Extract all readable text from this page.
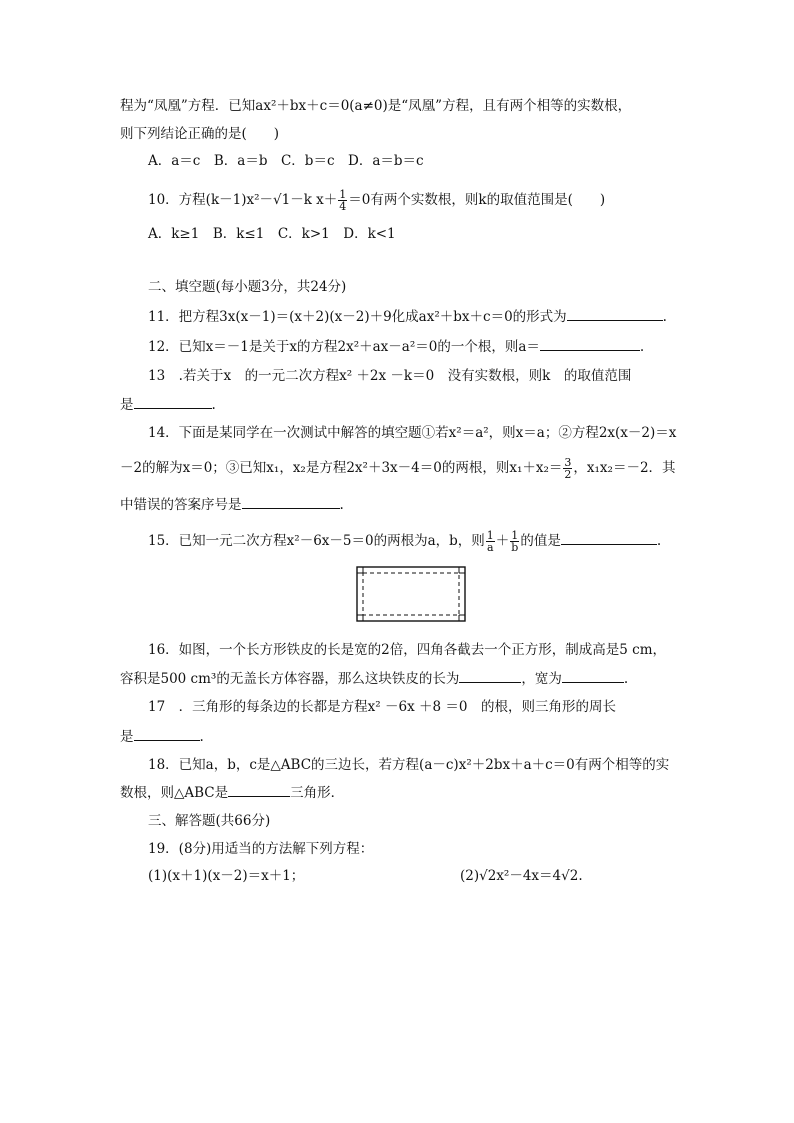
程为“凤凰”方程．已知ax²＋bx＋c＝0(a≠0)是“凤凰”方程，且有两个相等的实数根，
则下列结论正确的是(　　)
A．a＝c　B．a＝b　C．b＝c　D．a＝b＝c
10．方程(k－1)x²－√1－k $x+ \frac{1}{4} =0$有两个实数根，则k的取值范围是(　　)
A．k≥1　B．k≤1　C．k>1　D．k<1
二、填空题(每小题3分，共24分)
11．把方程3x(x－1)＝(x＋2)(x－2)＋9化成ax²＋bx＋c＝0的形式为	.
12．已知x＝－1是关于x的方程2x²＋ax－a²＝0的一个根，则a＝	.
13　.若关于x　的一元二次方程x² ＋2x －k＝0　没有实数根，则k　的取值范围
是	.
14．下面是某同学在一次测试中解答的填空题①若x²＝a²，则x＝a；②方程2x(x－2)＝x
－2的解为x＝0；③已知x₁，x₂是方程2x²＋3x－4＝0的两根，则$x_1+x_2= \frac{3}{2}$ ，x₁x₂＝－2．其
中错误的答案序号是	.
15．已知一元二次方程x²－6x－5＝0的两根为a，b，则 $\frac{1}{a} + \frac{1}{b}$ 的值是	.
16．如图，一个长方形铁皮的长是宽的2倍，四角各截去一个正方形，制成高是5 cm，
容积是500 cm³的无盖长方体容器，那么这块铁皮的长为	，宽为	.
17　．三角形的每条边的长都是方程x² －6x ＋8 ＝0　的根，则三角形的周长
是	.
18．已知a，b，c是△ABC的三边长，若方程(a－c)x²＋2bx＋a＋c＝0有两个相等的实
数根，则△ABC是	三角形．
三、解答题(共66分)
19．(8分)用适当的方法解下列方程：
(1)(x＋1)(x－2)＝x＋1；	(2)√2x²－4x＝4√2.
